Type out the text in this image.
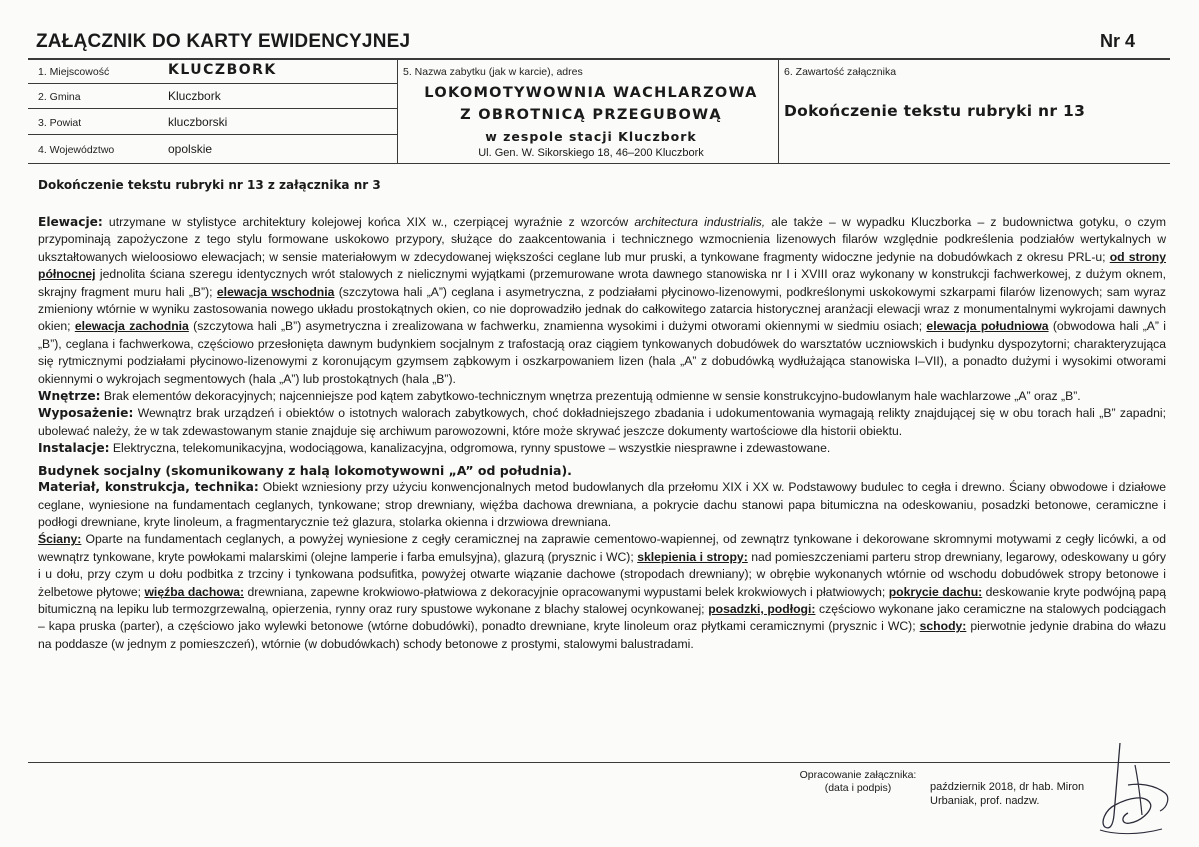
ZAŁĄCZNIK DO KARTY EWIDENCYJNEJ	Nr 4
1. Miejscowość	KLUCZBORK
2. Gmina	Kluczbork
3. Powiat	kluczborski
4. Województwo	opolskie
5. Nazwa zabytku (jak w karcie), adres
LOKOMOTYWOWNIA WACHLARZOWA
Z OBROTNICĄ PRZEGUBOWĄ
w zespole stacji Kluczbork
Ul. Gen. W. Sikorskiego 18, 46–200 Kluczbork
6. Zawartość załącznika
Dokończenie tekstu rubryki nr 13
Dokończenie tekstu rubryki nr 13 z załącznika nr 3

Elewacje: utrzymane w stylistyce architektury kolejowej końca XIX w., czerpiącej wyraźnie z wzorców architectura industrialis, ale także – w wypadku Kluczborka – z budownictwa gotyku, o czym przypominają zapożyczone z tego stylu formowane uskokowo przypory, służące do zaakcentowania i technicznego wzmocnienia lizenowych filarów względnie podkreślenia podziałów wertykalnych w ukształtowanych wieloosiowo elewacjach; w sensie materiałowym w zdecydowanej większości ceglane lub mur pruski, a tynkowane fragmenty widoczne jedynie na dobudówkach z okresu PRL-u; od strony północnej jednolita ściana szeregu identycznych wrót stalowych z nielicznymi wyjątkami (przemurowane wrota dawnego stanowiska nr I i XVIII oraz wykonany w konstrukcji fachwerkowej, z dużym oknem, skrajny fragment muru hali „B”); elewacja wschodnia (szczytowa hali „A”) ceglana i asymetryczna, z podziałami płycinowo-lizenowymi, podkreślonymi uskokowymi szkarpami filarów lizenowych; sam wyraz zmieniony wtórnie w wyniku zastosowania nowego układu prostokątnych okien, co nie doprowadziło jednak do całkowitego zatarcia historycznej aranżacji elewacji wraz z monumentalnymi wykrojami dawnych okien; elewacja zachodnia (szczytowa hali „B”) asymetryczna i zrealizowana w fachwerku, znamienna wysokimi i dużymi otworami okiennymi w siedmiu osiach; elewacja południowa (obwodowa hali „A” i „B”), ceglana i fachwerkowa, częściowo przesłonięta dawnym budynkiem socjalnym z trafostacją oraz ciągiem tynkowanych dobudówek do warsztatów uczniowskich i budynku dyspozytorni; charakteryzująca się rytmicznymi podziałami płycinowo-lizenowymi z koronującym gzymsem ząbkowym i oszkarpowaniem lizen (hala „A” z dobudówką wydłużająca stanowiska I–VII), a ponadto dużymi i wysokimi otworami okiennymi o wykrojach segmentowych (hala „A”) lub prostokątnych (hala „B”).

Wnętrze: Brak elementów dekoracyjnych; najcenniejsze pod kątem zabytkowo-technicznym wnętrza prezentują odmienne w sensie konstrukcyjno-budowlanym hale wachlarzowe „A” oraz „B”.

Wyposażenie: Wewnątrz brak urządzeń i obiektów o istotnych walorach zabytkowych, choć dokładniejszego zbadania i udokumentowania wymagają relikty znajdującej się w obu torach hali „B” zapadni; ubolewać należy, że w tak zdewastowanym stanie znajduje się archiwum parowozowni, które może skrywać jeszcze dokumenty wartościowe dla historii obiektu.

Instalacje: Elektryczna, telekomunikacyjna, wodociągowa, kanalizacyjna, odgromowa, rynny spustowe – wszystkie niesprawne i zdewastowane.

Budynek socjalny (skomunikowany z halą lokomotywowni „A” od południa).

Materiał, konstrukcja, technika: Obiekt wzniesiony przy użyciu konwencjonalnych metod budowlanych dla przełomu XIX i XX w. Podstawowy budulec to cegła i drewno. Ściany obwodowe i działowe ceglane, wyniesione na fundamentach ceglanych, tynkowane; strop drewniany, więźba dachowa drewniana, a pokrycie dachu stanowi papa bitumiczna na odeskowaniu, posadzki betonowe, ceramiczne i podłogi drewniane, kryte linoleum, a fragmentarycznie też glazura, stolarka okienna i drzwiowa drewniana.

Ściany: Oparte na fundamentach ceglanych, a powyżej wyniesione z cegły ceramicznej na zaprawie cementowo-wapiennej, od zewnątrz tynkowane i dekorowane skromnymi motywami z cegły licówki, a od wewnątrz tynkowane, kryte powłokami malarskimi (olejne lamperie i farba emulsyjna), glazurą (prysznic i WC); sklepienia i stropy: nad pomieszczeniami parteru strop drewniany, legarowy, odeskowany u góry i u dołu, przy czym u dołu podbitka z trzciny i tynkowana podsufitka, powyżej otwarte wiązanie dachowe (stropodach drewniany); w obrębie wykonanych wtórnie od wschodu dobudówek stropy betonowe i żelbetowe płytowe; więźba dachowa: drewniana, zapewne krokwiowo-płatwiowa z dekoracyjnie opracowanymi wypustami belek krokwiowych i płatwiowych; pokrycie dachu: deskowanie kryte podwójną papą bitumiczną na lepiku lub termozgrzewalną, opierzenia, rynny oraz rury spustowe wykonane z blachy stalowej ocynkowanej; posadzki, podłogi: częściowo wykonane jako ceramiczne na stalowych podciągach – kapa pruska (parter), a częściowo jako wylewki betonowe (wtórne dobudówki), ponadto drewniane, kryte linoleum oraz płytkami ceramicznymi (prysznic i WC); schody: pierwotnie jedynie drabina do włazu na poddasze (w jednym z pomieszczeń), wtórnie (w dobudówkach) schody betonowe z prostymi, stalowymi balustradami.

Opracowanie załącznika:
(data i podpis)	październik 2018, dr hab. Miron
Urbaniak, prof. nadzw.
